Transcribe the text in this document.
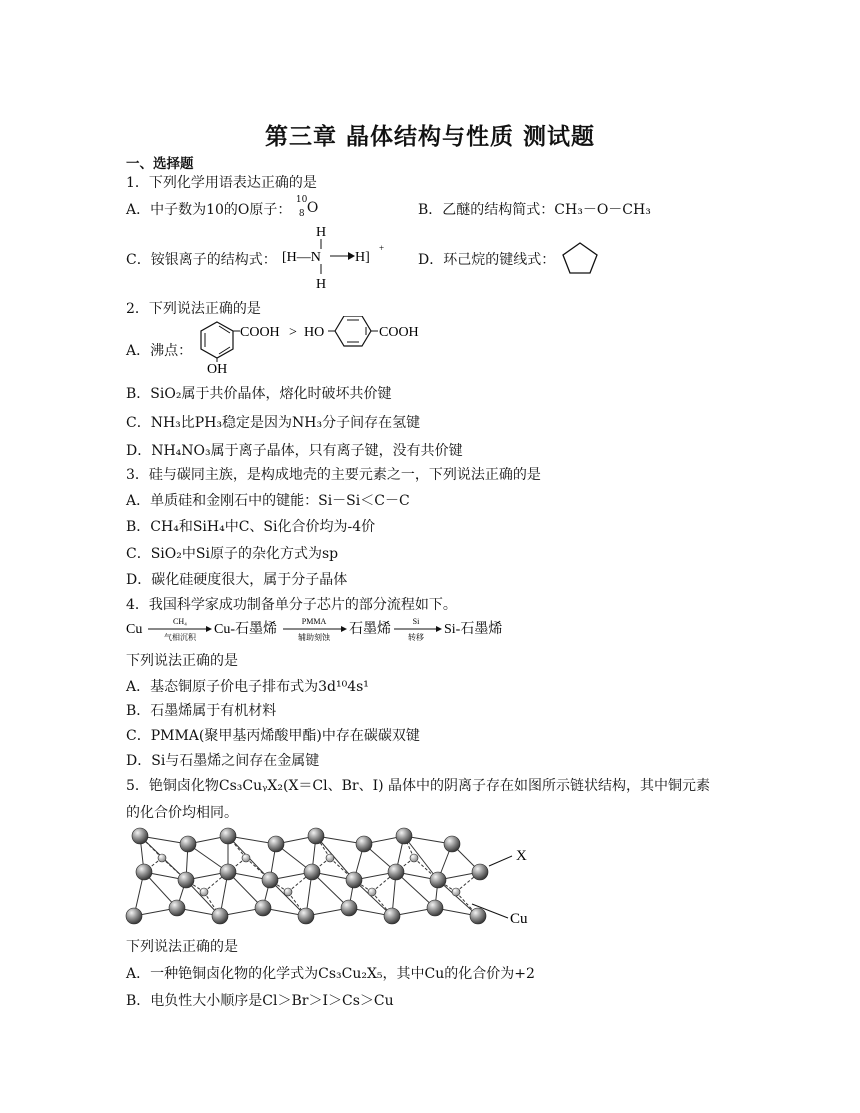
第三章 晶体结构与性质 测试题
一、选择题
1．下列化学用语表达正确的是
A．中子数为10的O原子：
10
8 O	B．乙醚的结构简式：CH₃－O－CH₃
C．铵银离子的结构式：
H
[H—N H]
+
H
D．环己烷的键线式：
2．下列说法正确的是
A．沸点：
COOH
OH
> HO	COOH
B．SiO₂属于共价晶体，熔化时破坏共价键
C．NH₃比PH₃稳定是因为NH₃分子间存在氢键
D．NH₄NO₃属于离子晶体，只有离子键，没有共价键
3．硅与碳同主族，是构成地壳的主要元素之一，下列说法正确的是
A．单质硅和金刚石中的键能：Si－Si＜C－C
B．CH₄和SiH₄中C、Si化合价均为-4价
C．SiO₂中Si原子的杂化方式为sp
D．碳化硅硬度很大，属于分子晶体
4．我国科学家成功制备单分子芯片的部分流程如下。
Cu
CH₄
气相沉积
Cu-石墨烯
PMMA
辅助刻蚀
石墨烯
Si
转移
Si-石墨烯
下列说法正确的是
A．基态铜原子价电子排布式为3d¹⁰4s¹
B．石墨烯属于有机材料
C．PMMA(聚甲基丙烯酸甲酯)中存在碳碳双键
D．Si与石墨烯之间存在金属键
5．铯铜卤化物Cs₃CuᵧX₂(X＝Cl、Br、I) 晶体中的阴离子存在如图所示链状结构，其中铜元素
的化合价均相同。
X
Cu
下列说法正确的是
A．一种铯铜卤化物的化学式为Cs₃Cu₂X₅，其中Cu的化合价为+2
B．电负性大小顺序是Cl＞Br＞I＞Cs＞Cu
